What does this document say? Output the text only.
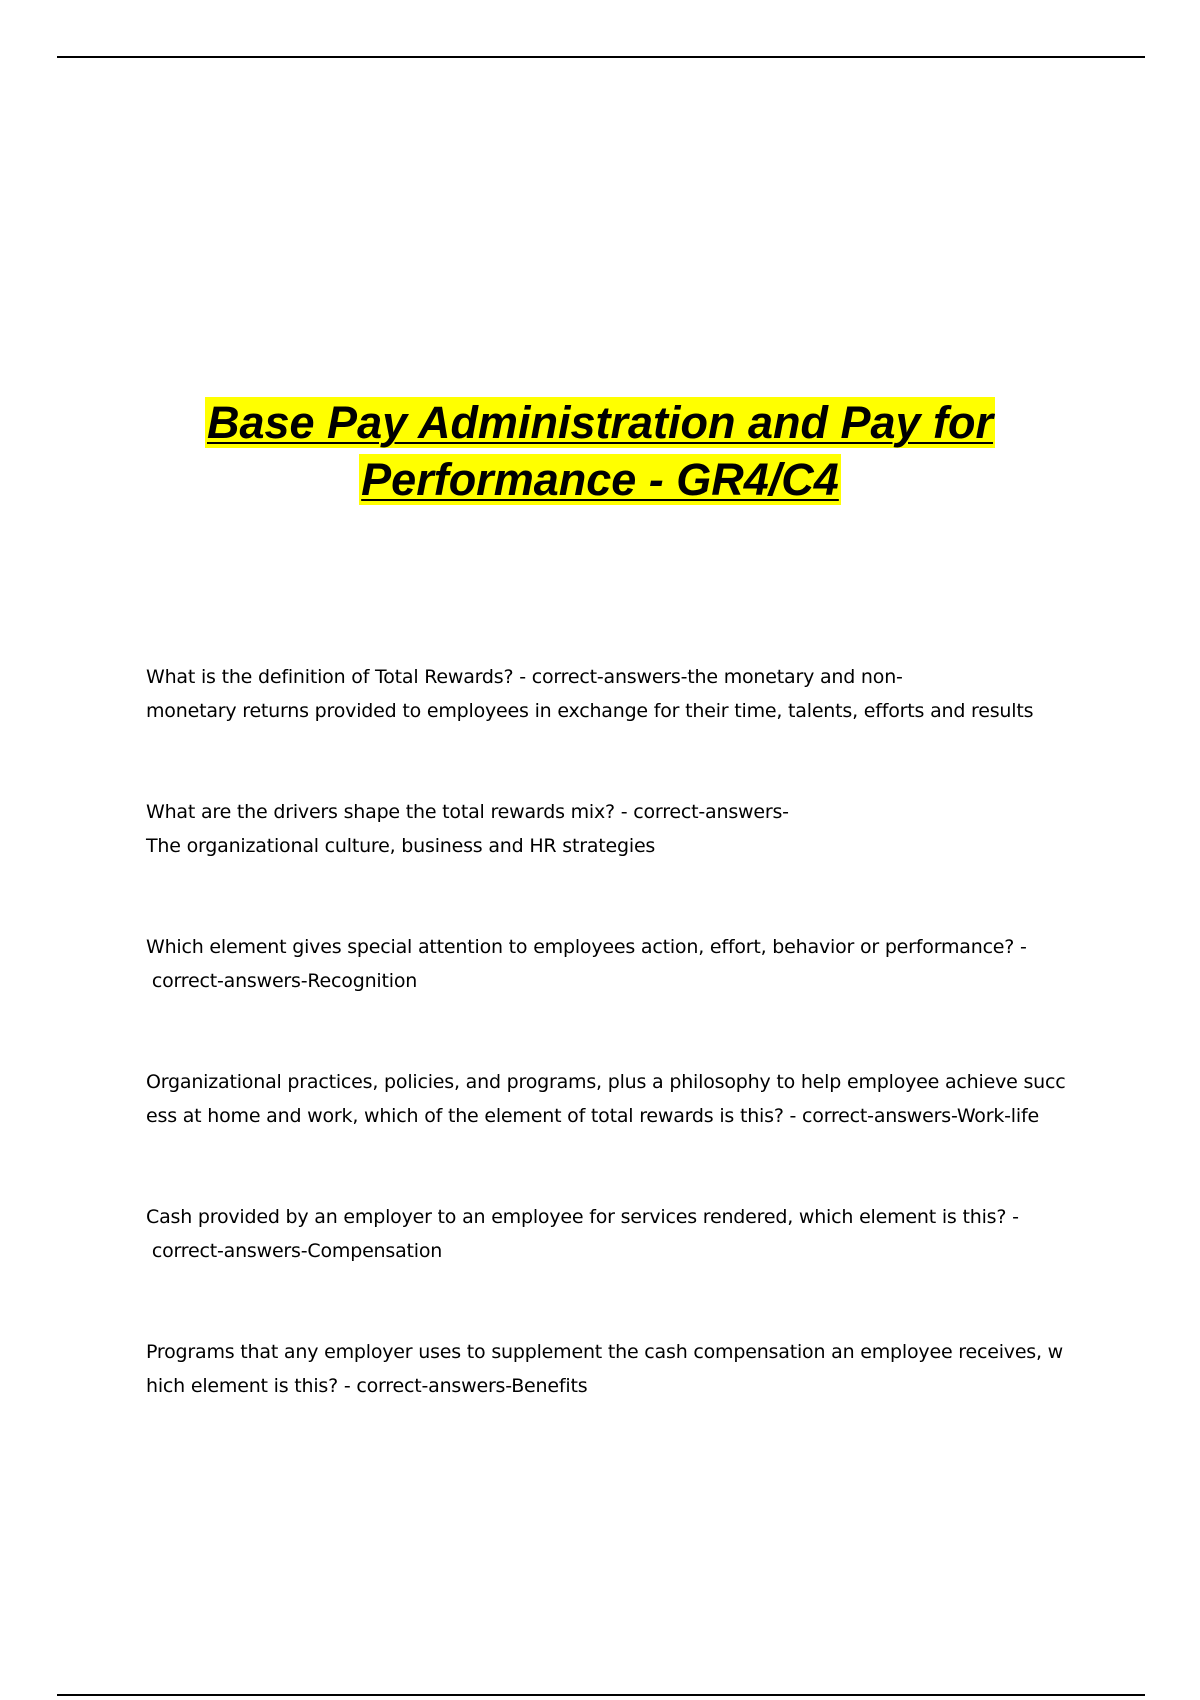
Base Pay Administration and Pay for
Performance - GR4/C4
What is the definition of Total Rewards? - correct-answers-the monetary and non-
monetary returns provided to employees in exchange for their time, talents, efforts and results
What are the drivers shape the total rewards mix? - correct-answers-
The organizational culture, business and HR strategies
Which element gives special attention to employees action, effort, behavior or performance? -
correct-answers-Recognition
Organizational practices, policies, and programs, plus a philosophy to help employee achieve succ
ess at home and work, which of the element of total rewards is this? - correct-answers-Work-life
Cash provided by an employer to an employee for services rendered, which element is this? -
correct-answers-Compensation
Programs that any employer uses to supplement the cash compensation an employee receives, w
hich element is this? - correct-answers-Benefits
